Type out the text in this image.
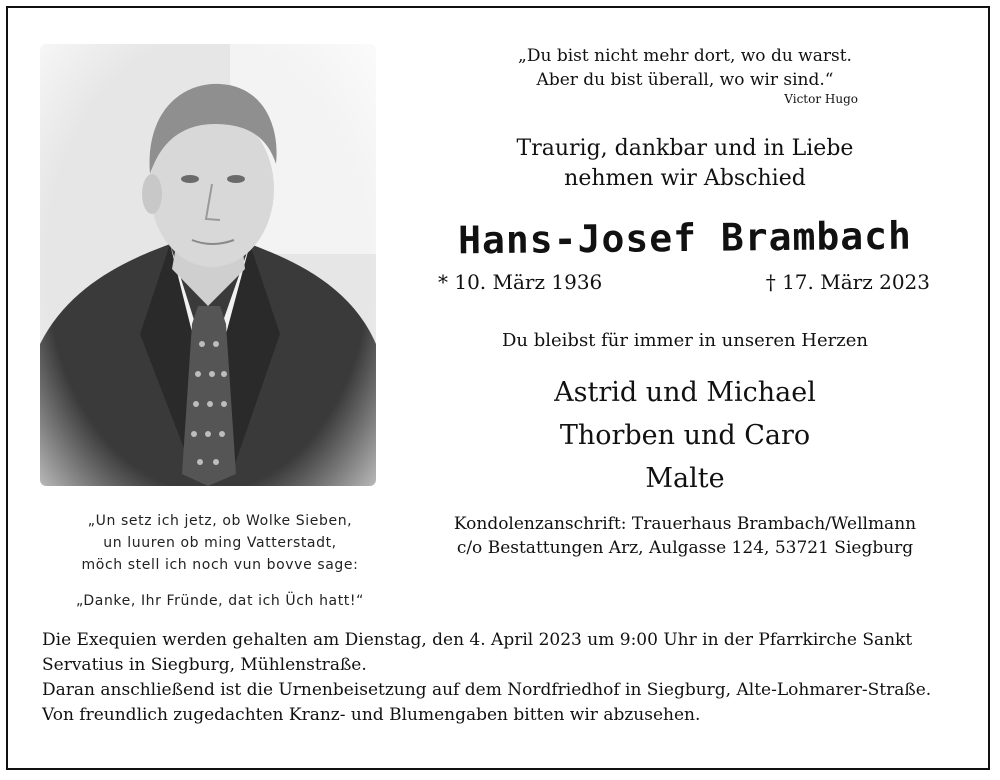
„Un setz ich jetz, ob Wolke Sieben,
un luuren ob ming Vatterstadt,
möch stell ich noch vun bovve sage:
„Danke, Ihr Fründe, dat ich Üch hatt!“
„Du bist nicht mehr dort, wo du warst.
Aber du bist überall, wo wir sind.“
Victor Hugo
Traurig, dankbar und in Liebe
nehmen wir Abschied
Hans-Josef Brambach
* 10. März 1936	† 17. März 2023
Du bleibst für immer in unseren Herzen
Astrid und Michael
Thorben und Caro
Malte
Kondolenzanschrift: Trauerhaus Brambach/Wellmann
c/o Bestattungen Arz, Aulgasse 124, 53721 Siegburg

Die Exequien werden gehalten am Dienstag, den 4. April 2023 um 9:00 Uhr in der Pfarrkirche Sankt Servatius in Siegburg, Mühlenstraße.

Daran anschließend ist die Urnenbeisetzung auf dem Nordfriedhof in Siegburg, Alte-Lohmarer-Straße.

Von freundlich zugedachten Kranz- und Blumengaben bitten wir abzusehen.
